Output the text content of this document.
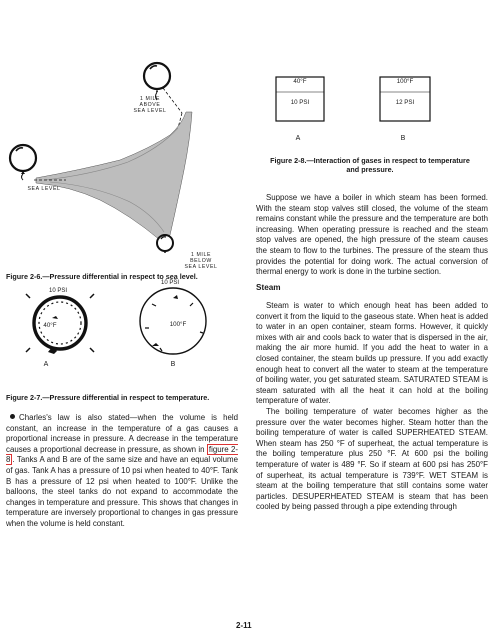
1 MILE
ABOVE
SEA LEVEL
SEA LEVEL
1 MILE
BELOW
SEA LEVEL
Figure 2-6.—Pressure differential in respect to sea level.
10 PSI
40°F
A
10 PSI
100°F
B
Figure 2-7.—Pressure differential in respect to temperature.
40°F
10 PSI
100°F
12 PSI
A	B
Figure 2-8.—Interaction of gases in respect to temperature
and pressure.

Charles's law is also stated—when the volume is held constant, an increase in the temperature of a gas causes a proportional increase in pressure. A decrease in the temperature causes a proportional decrease in pressure, as shown in figure 2-8 . Tanks A and B are of the same size and have an equal volume of gas. Tank A has a pressure of 10 psi when heated to 40°F. Tank B has a pressure of 12 psi when heated to 100°F. Unlike the balloons, the steel tanks do not expand to accommodate the changes in temperature and pressure. This shows that changes in temperature are inversely proportional to changes in gas pressure when the volume is held constant.

Suppose we have a boiler in which steam has been formed. With the steam stop valves still closed, the volume of the steam remains constant while the pressure and the temperature are both increasing. When operating pressure is reached and the steam stop valves are opened, the high pressure of the steam causes the steam to flow to the turbines. The pressure of the steam thus provides the potential for doing work. The actual conversion of thermal energy to work is done in the turbine section.

Steam

Steam is water to which enough heat has been added to convert it from the liquid to the gaseous state. When heat is added to water in an open container, steam forms. However, it quickly mixes with air and cools back to water that is dispersed in the air, making the air more humid. If you add the heat to water in a closed container, the steam builds up pressure. If you add exactly enough heat to convert all the water to steam at the temperature of boiling water, you get saturated steam. SATURATED STEAM is steam saturated with all the heat it can hold at the boiling temperature of water.

The boiling temperature of water becomes higher as the pressure over the water becomes higher. Steam hotter than the boiling temperature of water is called SUPERHEATED STEAM. When steam has 250 °F of superheat, the actual temperature is the boiling temperature plus 250 °F. At 600 psi the boiling temperature of water is 489 °F. So if steam at 600 psi has 250°F of superheat, its actual temperature is 739°F. WET STEAM is steam at the boiling temperature that still contains some water particles. DESUPERHEATED STEAM is steam that has been cooled by being passed through a pipe extending through

2-11
